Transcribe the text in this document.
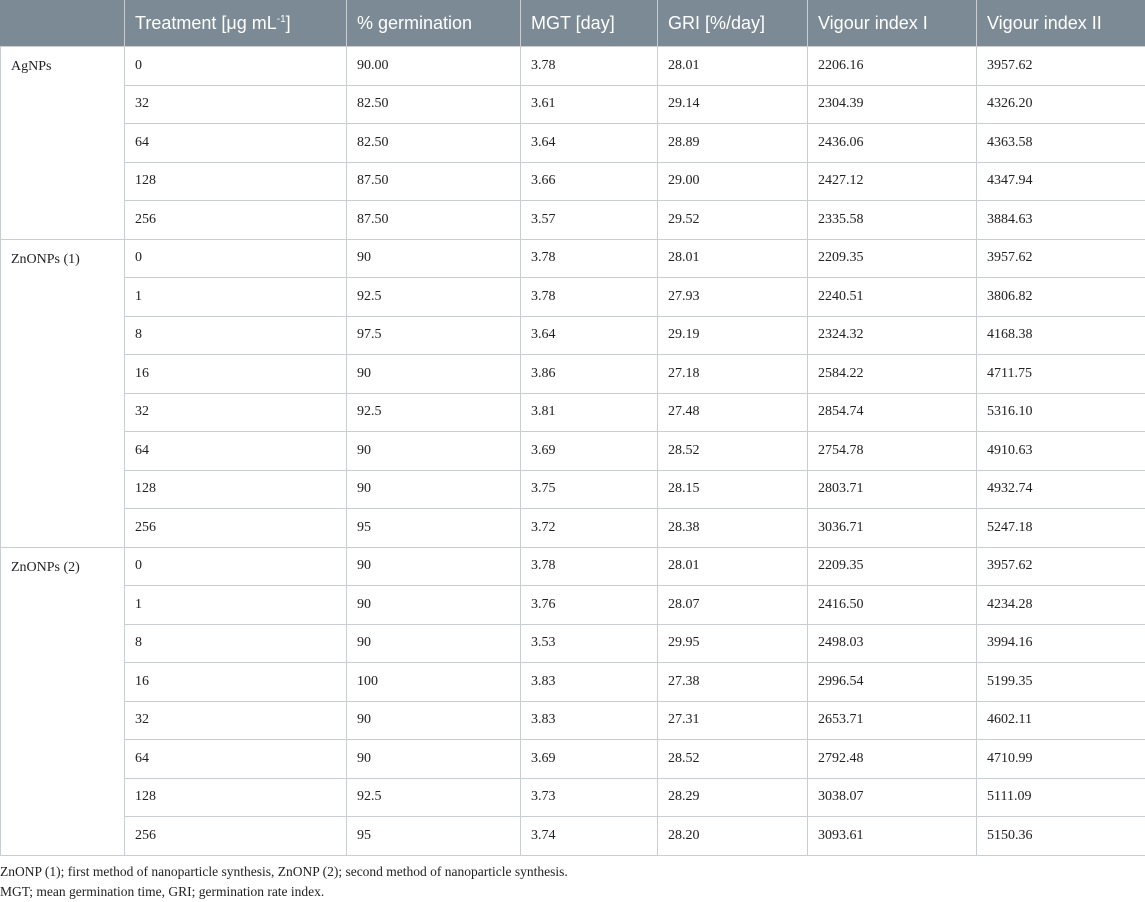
	Treatment [μg $mL^{-1}$]	% germination	MGT [day]	GRI [%/day]	Vigour index I	Vigour index II
AgNPs	0	90.00	3.78	28.01	2206.16	3957.62
	32	82.50	3.61	29.14	2304.39	4326.20
	64	82.50	3.64	28.89	2436.06	4363.58
	128	87.50	3.66	29.00	2427.12	4347.94
	256	87.50	3.57	29.52	2335.58	3884.63
ZnONPs (1)	0	90	3.78	28.01	2209.35	3957.62
	1	92.5	3.78	27.93	2240.51	3806.82
	8	97.5	3.64	29.19	2324.32	4168.38
	16	90	3.86	27.18	2584.22	4711.75
	32	92.5	3.81	27.48	2854.74	5316.10
	64	90	3.69	28.52	2754.78	4910.63
	128	90	3.75	28.15	2803.71	4932.74
	256	95	3.72	28.38	3036.71	5247.18
ZnONPs (2)	0	90	3.78	28.01	2209.35	3957.62
	1	90	3.76	28.07	2416.50	4234.28
	8	90	3.53	29.95	2498.03	3994.16
	16	100	3.83	27.38	2996.54	5199.35
	32	90	3.83	27.31	2653.71	4602.11
	64	90	3.69	28.52	2792.48	4710.99
	128	92.5	3.73	28.29	3038.07	5111.09
	256	95	3.74	28.20	3093.61	5150.36
ZnONP (1); first method of nanoparticle synthesis, ZnONP (2); second method of nanoparticle synthesis.
MGT; mean germination time, GRI; germination rate index.
